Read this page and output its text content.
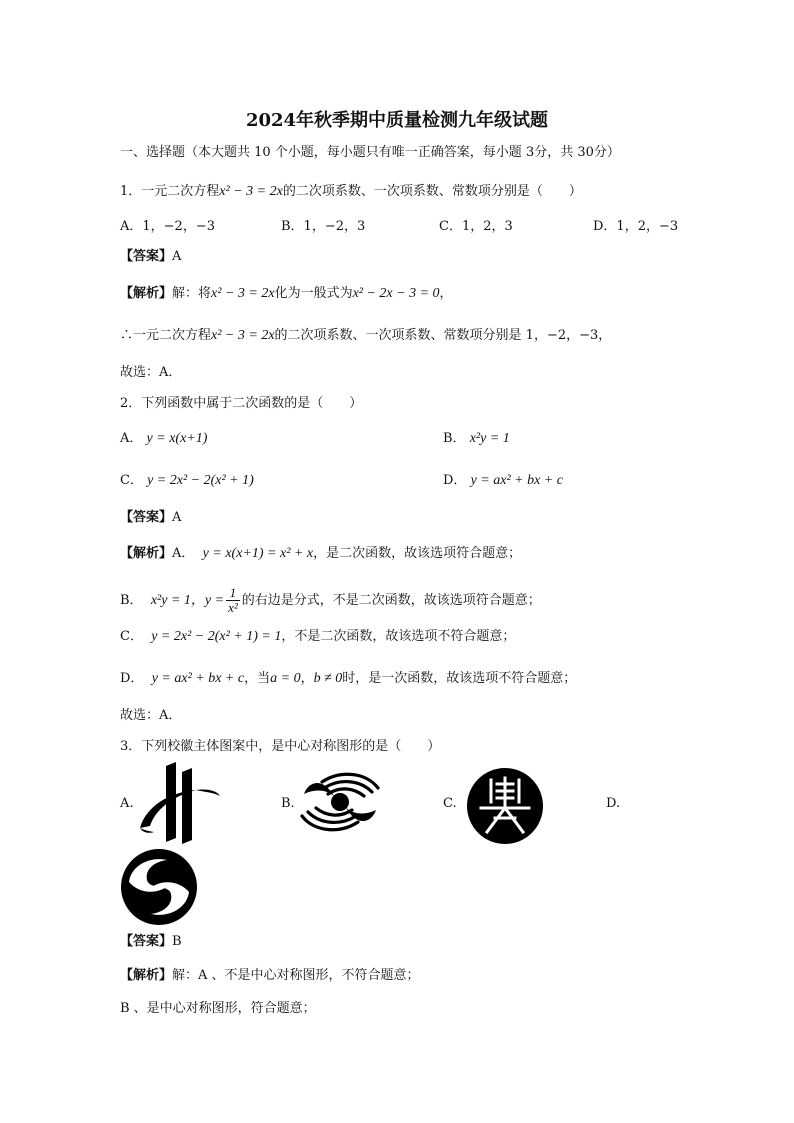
2024年秋季期中质量检测九年级试题
一、选择题（本大题共 10 个小题，每小题只有唯一正确答案，每小题 3分，共 30分）
1．一元二次方程x² − 3 = 2x的二次项系数、一次项系数、常数项分别是（　　）
A．1，−2，−3	B．1，−2，3	C．1，2，3	D．1，2，−3
【答案】A
【解析】解：将x² − 3 = 2x化为一般式为x² − 2x − 3 = 0，
∴一元二次方程x² − 3 = 2x的二次项系数、一次项系数、常数项分别是 1，−2，−3，
故选：A．
2．下列函数中属于二次函数的是（　　）
A． y = x(x+1)	B． x²y = 1
C． y = 2x² − 2(x² + 1)	D． y = ax² + bx + c
【答案】A
【解析】A． y = x(x+1) = x² + x，是二次函数，故该选项符合题意；
B． x²y = 1，$y = \frac{1}{\text{x²}}$ 的右边是分式，不是二次函数，故该选项符合题意；
C． y = 2x² − 2(x² + 1) = 1，不是二次函数，故该选项不符合题意；
D． y = ax² + bx + c，当a = 0，b ≠ 0时，是一次函数，故该选项不符合题意；
故选：A．
3．下列校徽主体图案中，是中心对称图形的是（　　）
A.	B.	C.	D.
【答案】B
【解析】解：A 、不是中心对称图形，不符合题意；
B 、是中心对称图形，符合题意；
